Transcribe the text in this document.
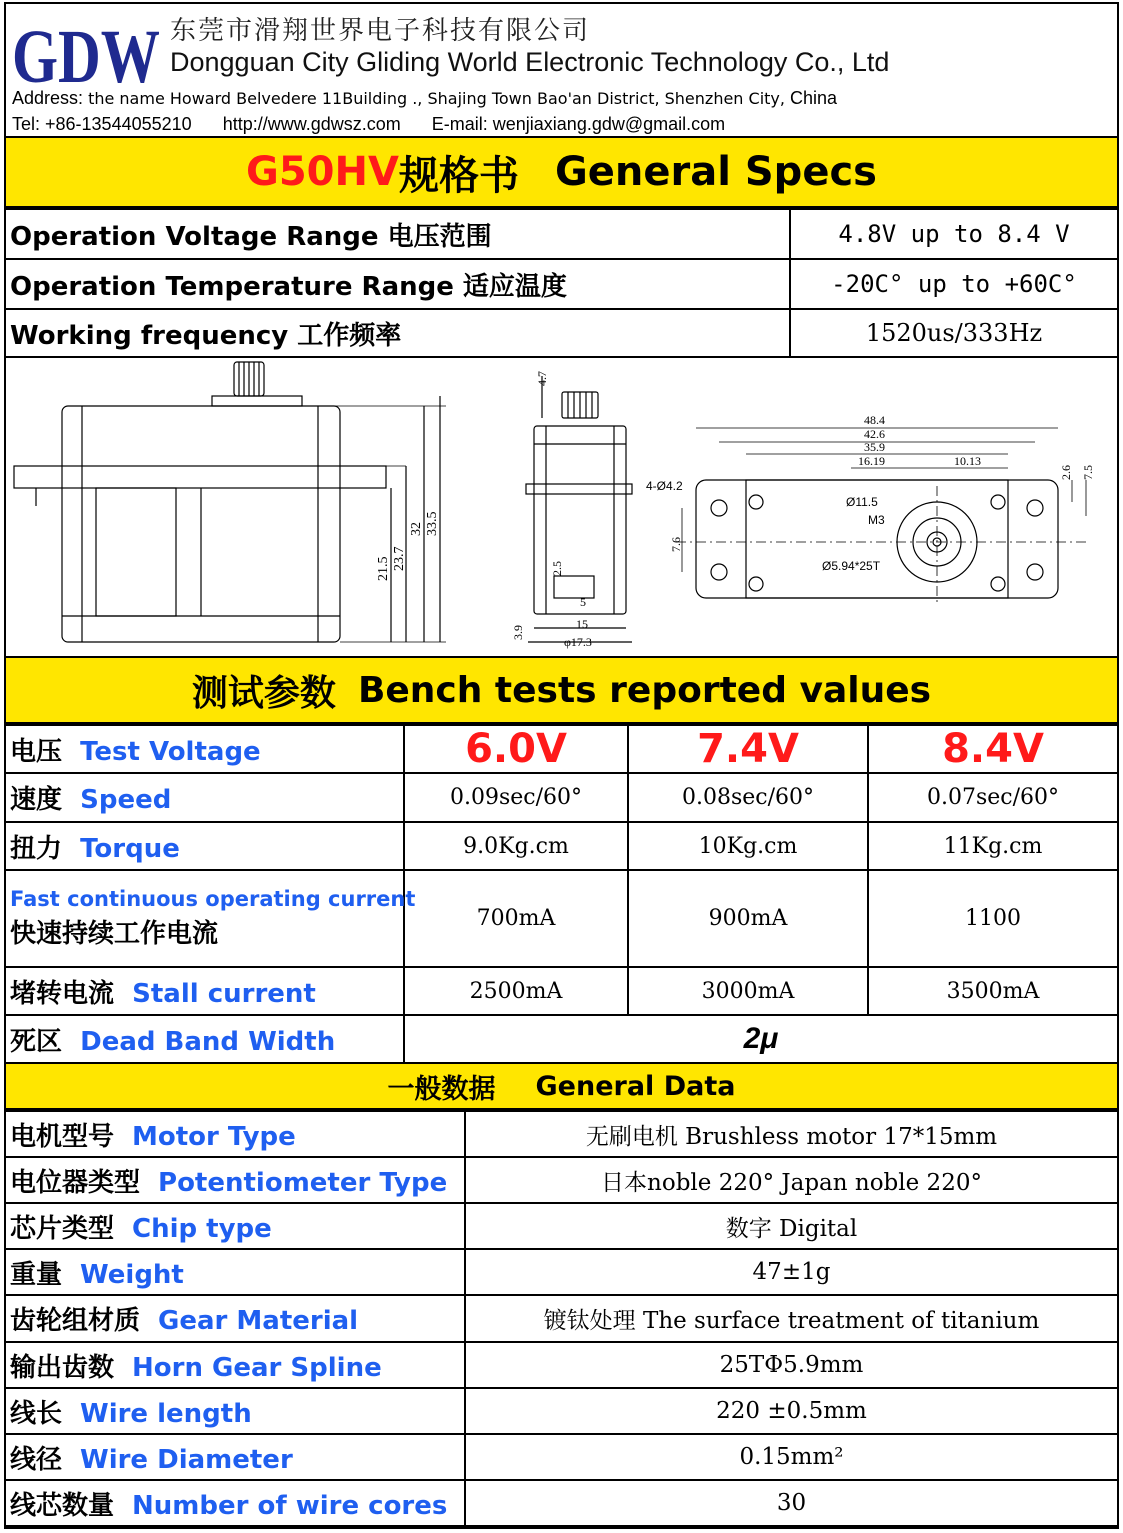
GDW 东莞市滑翔世界电子科技有限公司
Dongguan City Gliding World Electronic Technology Co., Ltd
Address: the name Howard Belvedere 11Building ., Shajing Town Bao'an District, Shenzhen City, China
Tel: +86-13544055210 http://www.gdwsz.com E-mail: wenjiaxiang.gdw@gmail.com
G50HV 规格书 General Specs
Operation Voltage Range 电压范围	4.8V up to 8.4 V
Operation Temperature Range 适应温度	-20C° up to +60C°
Working frequency 工作频率	1520us/333Hz
21.5 23.7
32 33.5
4.7
2.5
5
15
3.9
φ17.3
48.4
42.6
35.9
16.19	10.13
2.6 7.5
7.6
4-Ø4.2
Ø11.5
M3
Ø5.94*25T
测试参数 Bench tests reported values
电压 Test Voltage	6.0V	7.4V	8.4V
速度 Speed	0.09sec/60°	0.08sec/60°	0.07sec/60°
扭力 Torque	9.0Kg.cm	10Kg.cm	11Kg.cm

Fast continuous operating current
快速持续工作电流	700mA	900mA	1100
堵转电流 Stall current	2500mA	3000mA	3500mA
死区 Dead Band Width	2μ		
一般数据 General Data
电机型号 Motor Type	无刷电机 Brushless motor 17*15mm
电位器类型 Potentiometer Type	日本noble 220° Japan noble 220°
芯片类型 Chip type	数字 Digital
重量 Weight	47±1g
齿轮组材质 Gear Material	镀钛处理 The surface treatment of titanium
输出齿数 Horn Gear Spline	25TΦ5.9mm
线长 Wire length	220 ±0.5mm
线径 Wire Diameter	0.15mm²
线芯数量 Number of wire cores	30
